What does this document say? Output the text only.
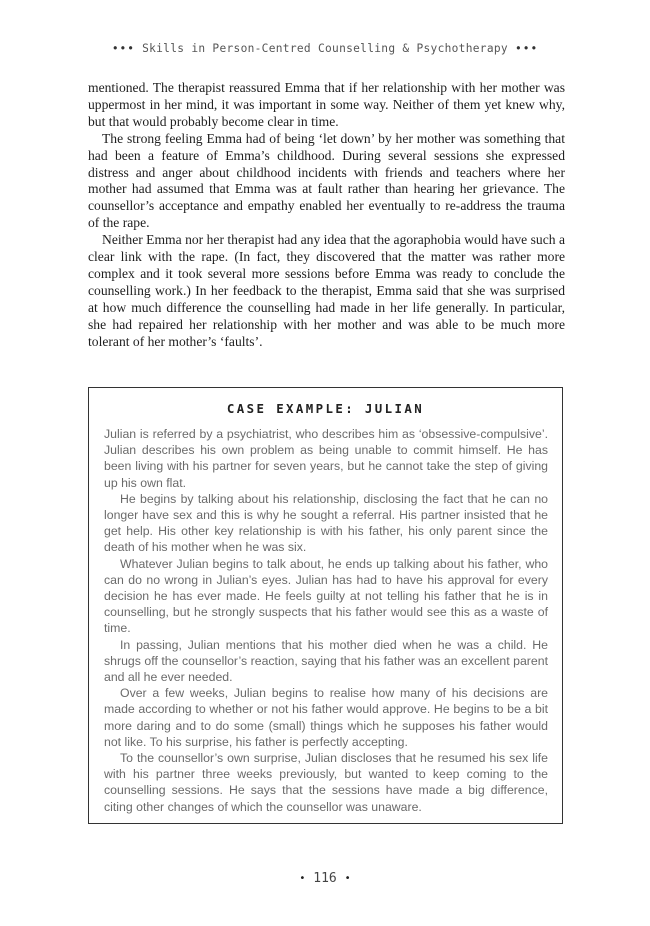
••• Skills in Person-Centred Counselling & Psychotherapy •••

mentioned. The therapist reassured Emma that if her relationship with her mother was uppermost in her mind, it was important in some way. Neither of them yet knew why, but that would probably become clear in time.

The strong feeling Emma had of being ‘let down’ by her mother was something that had been a feature of Emma’s childhood. During several sessions she expressed distress and anger about childhood incidents with friends and teachers where her mother had assumed that Emma was at fault rather than hearing her grievance. The counsellor’s acceptance and empathy enabled her eventually to re-address the trauma of the rape.

Neither Emma nor her therapist had any idea that the agoraphobia would have such a clear link with the rape. (In fact, they discovered that the matter was rather more complex and it took several more sessions before Emma was ready to conclude the counselling work.) In her feedback to the therapist, Emma said that she was surprised at how much difference the counselling had made in her life generally. In particular, she had repaired her relationship with her mother and was able to be much more tolerant of her mother’s ‘faults’.

CASE EXAMPLE: JULIAN

Julian is referred by a psychiatrist, who describes him as ‘obsessive-compulsive’. Julian describes his own problem as being unable to commit himself. He has been living with his partner for seven years, but he cannot take the step of giving up his own flat.

He begins by talking about his relationship, disclosing the fact that he can no longer have sex and this is why he sought a referral. His partner insisted that he get help. His other key relationship is with his father, his only parent since the death of his mother when he was six.

Whatever Julian begins to talk about, he ends up talking about his father, who can do no wrong in Julian’s eyes. Julian has had to have his approval for every decision he has ever made. He feels guilty at not telling his father that he is in counselling, but he strongly suspects that his father would see this as a waste of time.

In passing, Julian mentions that his mother died when he was a child. He shrugs off the counsellor’s reaction, saying that his father was an excellent parent and all he ever needed.

Over a few weeks, Julian begins to realise how many of his decisions are made according to whether or not his father would approve. He begins to be a bit more daring and to do some (small) things which he supposes his father would not like. To his surprise, his father is perfectly accepting.

To the counsellor’s own surprise, Julian discloses that he resumed his sex life with his partner three weeks previously, but wanted to keep coming to the counselling sessions. He says that the sessions have made a big difference, citing other changes of which the counsellor was unaware.

• 116 •
